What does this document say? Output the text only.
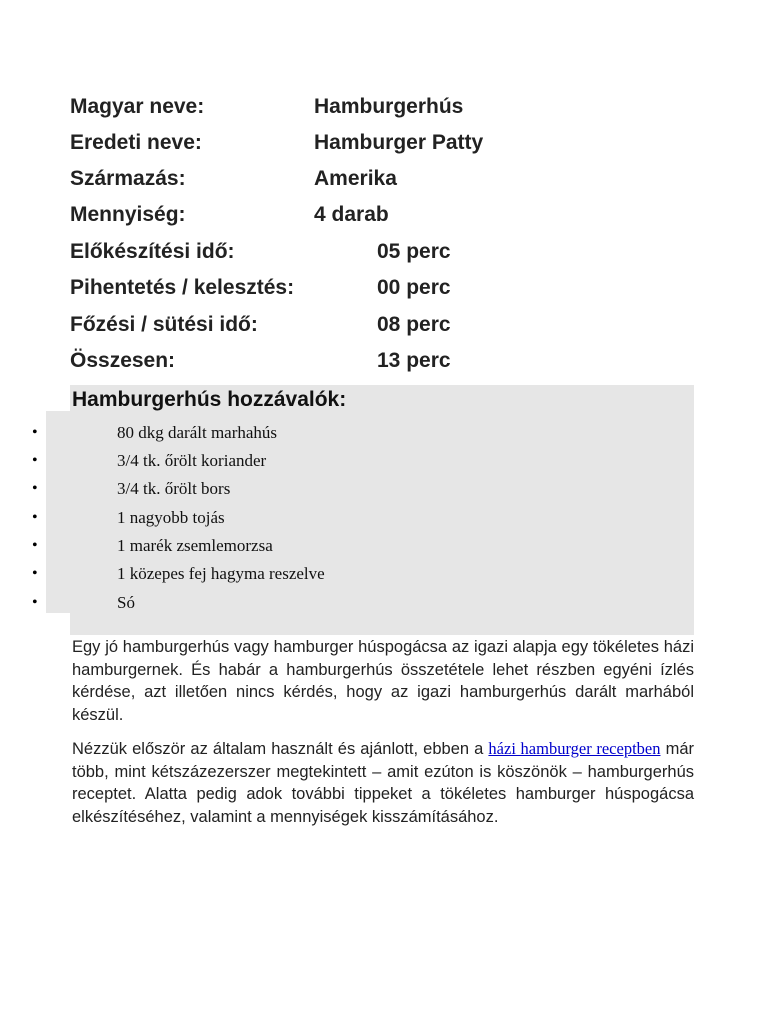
Magyar neve:	Hamburgerhús
Eredeti neve:	Hamburger Patty
Származás:	Amerika
Mennyiség:	4 darab
Előkészítési idő:	05 perc
Pihentetés / kelesztés:	00 perc
Főzési / sütési idő:	08 perc
Összesen:	13 perc
Hamburgerhús hozzávalók:
•	80 dkg darált marhahús
•	3/4 tk. őrölt koriander
•	3/4 tk. őrölt bors
•	1 nagyobb tojás
•	1 marék zsemlemorzsa
•	1 közepes fej hagyma reszelve
•	Só

Egy jó hamburgerhús vagy hamburger húspogácsa az igazi alapja egy tökéletes házi hamburgernek. És habár a hamburgerhús összetétele lehet részben egyéni ízlés kérdése, azt illetően nincs kérdés, hogy az igazi hamburgerhús darált marhából készül.

Nézzük először az általam használt és ajánlott, ebben a házi hamburger receptben már több, mint kétszázezerszer megtekintett – amit ezúton is köszönök – hamburgerhús receptet. Alatta pedig adok további tippeket a tökéletes hamburger húspogácsa elkészítéséhez, valamint a mennyiségek kisszámításához.
